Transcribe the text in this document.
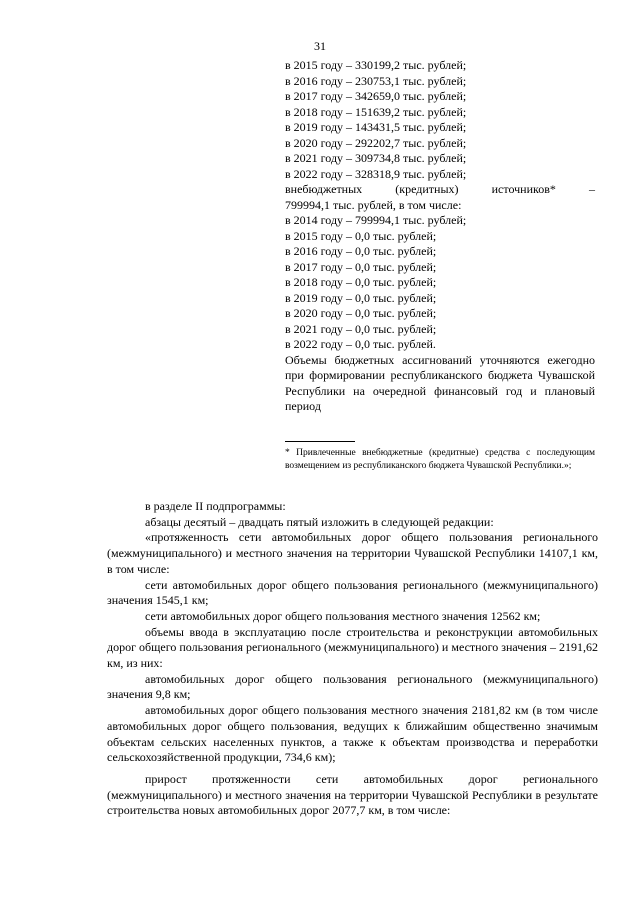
31
в 2015 году – 330199,2 тыс. рублей;
в 2016 году – 230753,1 тыс. рублей;
в 2017 году – 342659,0 тыс. рублей;
в 2018 году – 151639,2 тыс. рублей;
в 2019 году – 143431,5 тыс. рублей;
в 2020 году – 292202,7 тыс. рублей;
в 2021 году – 309734,8 тыс. рублей;
в 2022 году – 328318,9 тыс. рублей;
внебюджетных	(кредитных)	источников*	–
799994,1 тыс. рублей, в том числе:
в 2014 году – 799994,1 тыс. рублей;
в 2015 году – 0,0 тыс. рублей;
в 2016 году – 0,0 тыс. рублей;
в 2017 году – 0,0 тыс. рублей;
в 2018 году – 0,0 тыс. рублей;
в 2019 году – 0,0 тыс. рублей;
в 2020 году – 0,0 тыс. рублей;
в 2021 году – 0,0 тыс. рублей;
в 2022 году – 0,0 тыс. рублей.
Объемы бюджетных ассигнований уточняются ежегодно при формировании республиканского бюджета Чувашской Республики на очередной финансовый год и плановый период
* Привлеченные внебюджетные (кредитные) средства с последующим возмещением из республиканского бюджета Чувашской Республики.»;

в разделе II подпрограммы:

абзацы десятый – двадцать пятый изложить в следующей редакции:

«протяженность сети автомобильных дорог общего пользования регионального (межмуниципального) и местного значения на территории Чувашской Республики 14107,1 км, в том числе:

сети автомобильных дорог общего пользования регионального (межмуниципального) значения 1545,1 км;

сети автомобильных дорог общего пользования местного значения 12562 км;

объемы ввода в эксплуатацию после строительства и реконструкции автомобильных дорог общего пользования регионального (межмуниципального) и местного значения – 2191,62 км, из них:

автомобильных дорог общего пользования регионального (межмуниципального) значения 9,8 км;

автомобильных дорог общего пользования местного значения 2181,82 км (в том числе автомобильных дорог общего пользования, ведущих к ближайшим общественно значимым объектам сельских населенных пунктов, а также к объектам производства и переработки сельскохозяйственной продукции, 734,6 км);

прирост протяженности сети автомобильных дорог регионального (межмуниципального) и местного значения на территории Чувашской Республики в результате строительства новых автомобильных дорог 2077,7 км, в том числе:
